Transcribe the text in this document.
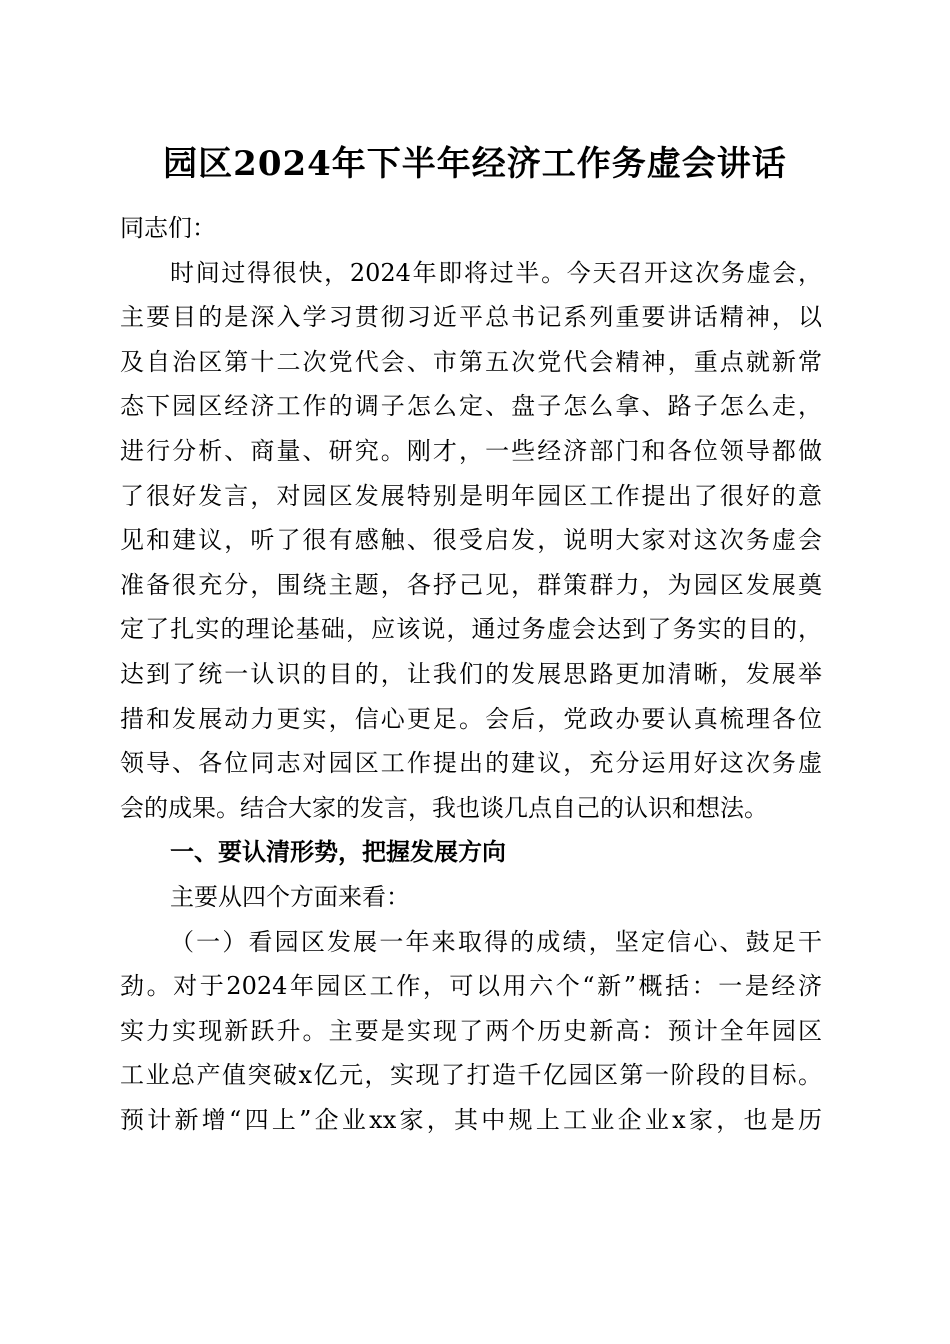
园区2024年下半年经济工作务虚会讲话
同志们：
时间过得很快，2024年即将过半。今天召开这次务虚会，
主要目的是深入学习贯彻习近平总书记系列重要讲话精神，以
及自治区第十二次党代会、市第五次党代会精神，重点就新常
态下园区经济工作的调子怎么定、盘子怎么拿、路子怎么走，
进行分析、商量、研究。刚才，一些经济部门和各位领导都做
了很好发言，对园区发展特别是明年园区工作提出了很好的意
见和建议，听了很有感触、很受启发，说明大家对这次务虚会
准备很充分，围绕主题，各抒己见，群策群力，为园区发展奠
定了扎实的理论基础，应该说，通过务虚会达到了务实的目的，
达到了统一认识的目的，让我们的发展思路更加清晰，发展举
措和发展动力更实，信心更足。会后，党政办要认真梳理各位
领导、各位同志对园区工作提出的建议，充分运用好这次务虚
会的成果。结合大家的发言，我也谈几点自己的认识和想法。
一、要认清形势，把握发展方向
主要从四个方面来看：
（一）看园区发展一年来取得的成绩，坚定信心、鼓足干
劲。对于2024年园区工作，可以用六个“新”概括：一是经济
实力实现新跃升。主要是实现了两个历史新高：预计全年园区
工业总产值突破x亿元，实现了打造千亿园区第一阶段的目标。
预计新增“四上”企业xx家，其中规上工业企业x家，也是历
